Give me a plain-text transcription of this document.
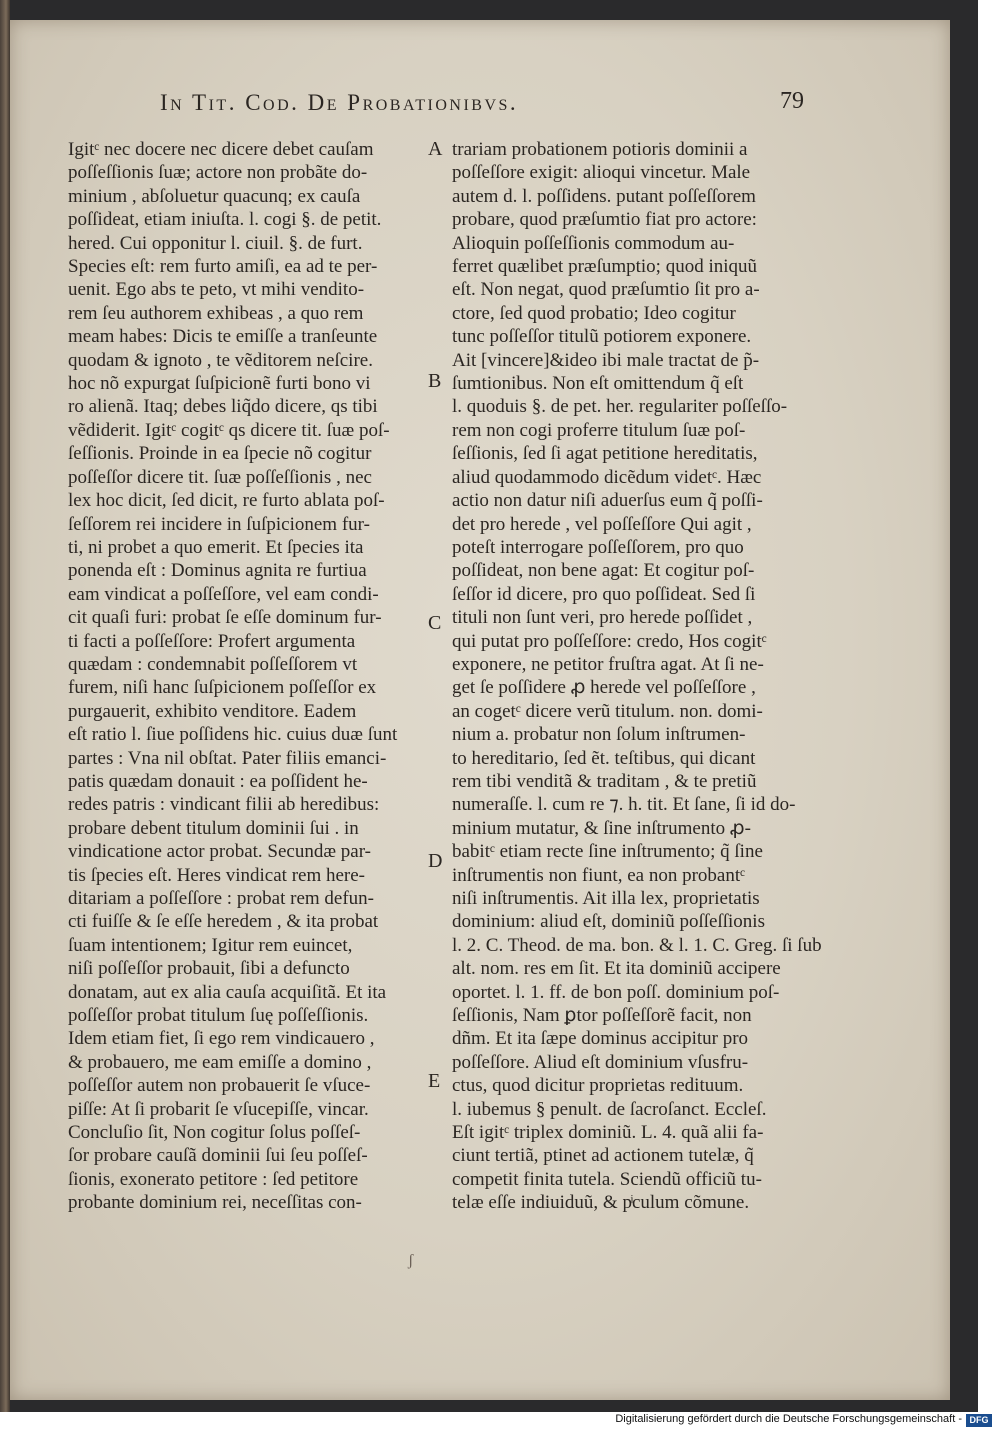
In Tit. Cod. De Probationibvs.	79
A
B
C
D
E
Igitᶜ nec docere nec dicere debet cauſam
poſſeſſionis ſuæ; actore non probãte do-
minium , abſoluetur quacunq; ex cauſa
poſſideat, etiam iniuſta. l. cogi §. de petit.
hered. Cui opponitur l. ciuil. §. de furt.
Species eſt: rem furto amiſi, ea ad te per-
uenit. Ego abs te peto, vt mihi vendito-
rem ſeu authorem exhibeas , a quo rem
meam habes: Dicis te emiſſe a tranſeunte
quodam & ignoto , te vẽditorem neſcire.
hoc nõ expurgat ſuſpicionẽ furti bono vi
ro alienã. Itaq; debes liq̃do dicere, qs tibi
vẽdiderit. Igitᶜ cogitᶜ qs dicere tit. ſuæ poſ-
ſeſſionis. Proinde in ea ſpecie nõ cogitur
poſſeſſor dicere tit. ſuæ poſſeſſionis , nec
lex hoc dicit, ſed dicit, re furto ablata poſ-
ſeſſorem rei incidere in ſuſpicionem fur-
ti, ni probet a quo emerit. Et ſpecies ita
ponenda eſt : Dominus agnita re furtiua
eam vindicat a poſſeſſore, vel eam condi-
cit quaſi furi: probat ſe eſſe dominum fur-
ti facti a poſſeſſore: Profert argumenta
quædam : condemnabit poſſeſſorem vt
furem, niſi hanc ſuſpicionem poſſeſſor ex
purgauerit, exhibito venditore. Eadem
eſt ratio l. ſiue poſſidens hic. cuius duæ ſunt
partes : Vna nil obſtat. Pater filiis emanci-
patis quædam donauit : ea poſſident he-
redes patris : vindicant filii ab heredibus:
probare debent titulum dominii ſui . in
vindicatione actor probat. Secundæ par-
tis ſpecies eſt. Heres vindicat rem here-
ditariam a poſſeſſore : probat rem defun-
cti fuiſſe & ſe eſſe heredem , & ita probat
ſuam intentionem; Igitur rem euincet,
niſi poſſeſſor probauit, ſibi a defuncto
donatam, aut ex alia cauſa acquiſitã. Et ita
poſſeſſor probat titulum ſuę poſſeſſionis.
Idem etiam fiet, ſi ego rem vindicauero ,
& probauero, me eam emiſſe a domino ,
poſſeſſor autem non probauerit ſe vſuce-
piſſe: At ſi probarit ſe vſucepiſſe, vincar.
Concluſio ſit, Non cogitur ſolus poſſeſ-
ſor probare cauſã dominii ſui ſeu poſſeſ-
ſionis, exonerato petitore : ſed petitore
probante dominium rei, neceſſitas con-
trariam probationem potioris dominii a
poſſeſſore exigit: alioqui vincetur. Male
autem d. l. poſſidens. putant poſſeſſorem
probare, quod præſumtio fiat pro actore:
Alioquin poſſeſſionis commodum au-
ferret quælibet præſumptio; quod iniquũ
eſt. Non negat, quod præſumtio ſit pro a-
ctore, ſed quod probatio; Ideo cogitur
tunc poſſeſſor titulũ potiorem exponere.
Ait [vincere]&ideo ibi male tractat de p̃-
ſumtionibus. Non eſt omittendum q̃ eſt
l. quoduis §. de pet. her. regulariter poſſeſſo-
rem non cogi proferre titulum ſuæ poſ-
ſeſſionis, ſed ſi agat petitione hereditatis,
aliud quodammodo dicẽdum videtᶜ. Hæc
actio non datur niſi aduerſus eum q̃ poſſi-
det pro herede , vel poſſeſſore Qui agit ,
poteſt interrogare poſſeſſorem, pro quo
poſſideat, non bene agat: Et cogitur poſ-
ſeſſor id dicere, pro quo poſſideat. Sed ſi
tituli non ſunt veri, pro herede poſſidet ,
qui putat pro poſſeſſore: credo, Hos cogitᶜ
exponere, ne petitor fruſtra agat. At ſi ne-
get ſe poſſidere ꝓ herede vel poſſeſſore ,
an cogetᶜ dicere verũ titulum. non. domi-
nium a. probatur non ſolum inſtrumen-
to hereditario, ſed ẽt. teſtibus, qui dicant
rem tibi venditã & traditam , & te pretiũ
numeraſſe. l. cum re ⁊. h. tit. Et ſane, ſi id do-
minium mutatur, & ſine inſtrumento ꝓ-
babitᶜ etiam recte ſine inſtrumento; q̃ ſine
inſtrumentis non fiunt, ea non probantᶜ
niſi inſtrumentis. Ait illa lex, proprietatis
dominium: aliud eſt, dominiũ poſſeſſionis
l. 2. C. Theod. de ma. bon. & l. 1. C. Greg. ſi ſub
alt. nom. res em ſit. Et ita dominiũ accipere
oportet. l. 1. ff. de bon poſſ. dominium poſ-
ſeſſionis, Nam ꝑtor poſſeſſorẽ facit, non
dñm. Et ita ſæpe dominus accipitur pro
poſſeſſore. Aliud eſt dominium vſusfru-
ctus, quod dicitur proprietas redituum.
l. iubemus § penult. de ſacroſanct. Eccleſ.
Eſt igitᶜ triplex dominiũ. L. 4. quã alii fa-
ciunt tertiã, ptinet ad actionem tutelæ, q̃
competit finita tutela. Sciendũ officiũ tu-
telæ eſſe indiuiduũ, & pͥculum cõmune.
ʃ
Digitalisierung gefördert durch die Deutsche Forschungsgemeinschaft - DFG
